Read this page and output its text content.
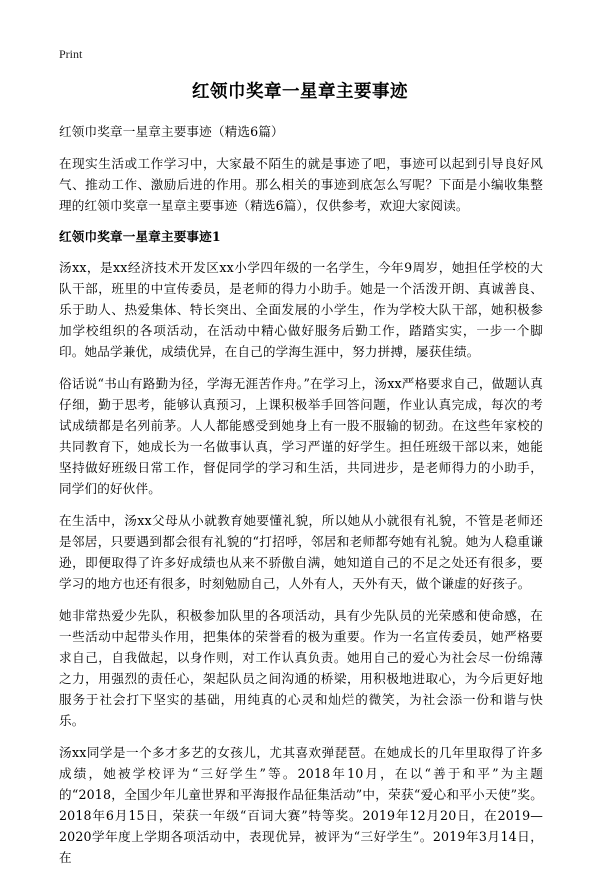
Print
红领巾奖章一星章主要事迹

红领巾奖章一星章主要事迹（精选6篇）

在现实生活或工作学习中，大家最不陌生的就是事迹了吧，事迹可以起到引导良好风气、推动工作、激励后进的作用。那么相关的事迹到底怎么写呢？下面是小编收集整理的红领巾奖章一星章主要事迹（精选6篇），仅供参考，欢迎大家阅读。

红领巾奖章一星章主要事迹1

汤xx，是xx经济技术开发区xx小学四年级的一名学生，今年9周岁，她担任学校的大队干部，班里的中宣传委员，是老师的得力小助手。她是一个活泼开朗、真诚善良、乐于助人、热爱集体、特长突出、全面发展的小学生，作为学校大队干部，她积极参加学校组织的各项活动，在活动中精心做好服务后勤工作，踏踏实实，一步一个脚印。她品学兼优，成绩优异，在自己的学海生涯中，努力拼搏，屡获佳绩。

俗话说“书山有路勤为径，学海无涯苦作舟。”在学习上，汤xx严格要求自己，做题认真仔细，勤于思考，能够认真预习，上课积极举手回答问题，作业认真完成，每次的考试成绩都是名列前茅。人人都能感受到她身上有一股不服输的韧劲。在这些年家校的共同教育下，她成长为一名做事认真，学习严谨的好学生。担任班级干部以来，她能坚持做好班级日常工作，督促同学的学习和生活，共同进步，是老师得力的小助手，同学们的好伙伴。

在生活中，汤xx父母从小就教育她要懂礼貌，所以她从小就很有礼貌，不管是老师还是邻居，只要遇到都会很有礼貌的“打招呼，邻居和老师都夸她有礼貌。她为人稳重谦逊，即便取得了许多好成绩也从来不骄傲自满，她知道自己的不足之处还有很多，要学习的地方也还有很多，时刻勉励自己，人外有人，天外有天，做个谦虚的好孩子。

她非常热爱少先队，积极参加队里的各项活动，具有少先队员的光荣感和使命感，在一些活动中起带头作用，把集体的荣誉看的极为重要。作为一名宣传委员，她严格要求自己，自我做起，以身作则，对工作认真负责。她用自己的爱心为社会尽一份绵薄之力，用强烈的责任心，架起队员之间沟通的桥梁，用积极地进取心，为今后更好地服务于社会打下坚实的基础，用纯真的心灵和灿烂的微笑，为社会添一份和谐与快乐。

汤xx同学是一个多才多艺的女孩儿，尤其喜欢弹琵琶。在她成长的几年里取得了许多成绩，她被学校评为“三好学生”等。2018年10月，在以“善于和平”为主题的“2018，全国少年儿童世界和平海报作品征集活动”中，荣获“爱心和平小天使”奖。2018年6月15日，荣获一年级“百词大赛”特等奖。2019年12月20日，在2019—2020学年度上学期各项活动中，表现优异，被评为“三好学生”。2019年3月14日，在
